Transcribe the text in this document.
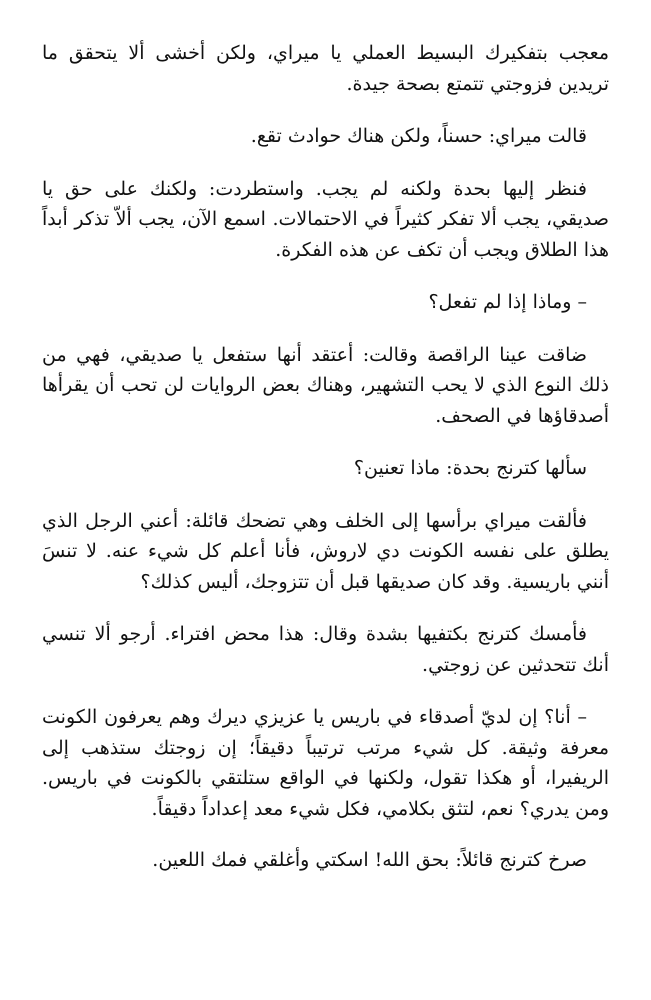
معجب بتفكيرك البسيط العملي يا ميراي، ولكن أخشى ألا يتحقق ما تريدين فزوجتي تتمتع بصحة جيدة.

قالت ميراي: حسناً، ولكن هناك حوادث تقع.

فنظر إليها بحدة ولكنه لم يجب. واستطردت: ولكنك على حق يا صديقي، يجب ألا تفكر كثيراً في الاحتمالات. اسمع الآن، يجب ألاّ تذكر أبداً هذا الطلاق ويجب أن تكف عن هذه الفكرة.

– وماذا إذا لم تفعل؟

ضاقت عينا الراقصة وقالت: أعتقد أنها ستفعل يا صديقي، فهي من ذلك النوع الذي لا يحب التشهير، وهناك بعض الروايات لن تحب أن يقرأها أصدقاؤها في الصحف.

سألها كترنج بحدة: ماذا تعنين؟

فألقت ميراي برأسها إلى الخلف وهي تضحك قائلة: أعني الرجل الذي يطلق على نفسه الكونت دي لاروش، فأنا أعلم كل شيء عنه. لا تنسَ أنني باريسية. وقد كان صديقها قبل أن تتزوجك، أليس كذلك؟

فأمسك كترنج بكتفيها بشدة وقال: هذا محض افتراء. أرجو ألا تنسي أنك تتحدثين عن زوجتي.

– أنا؟ إن لديّ أصدقاء في باريس يا عزيزي ديرك وهم يعرفون الكونت معرفة وثيقة. كل شيء مرتب ترتيباً دقيقاً؛ إن زوجتك ستذهب إلى الريفيرا، أو هكذا تقول، ولكنها في الواقع ستلتقي بالكونت في باريس. ومن يدري؟ نعم، لتثق بكلامي، فكل شيء معد إعداداً دقيقاً.

صرخ كترنج قائلاً: بحق الله! اسكتي وأغلقي فمك اللعين.
